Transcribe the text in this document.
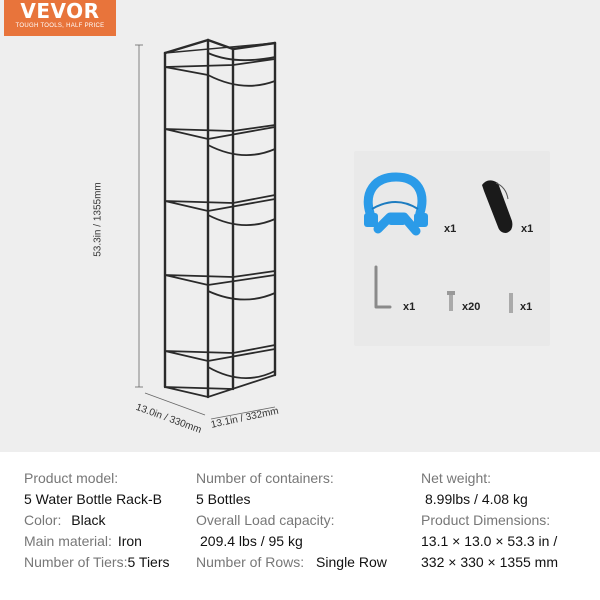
VEVOR
TOUGH TOOLS, HALF PRICE
53.3in / 1355mm
13.0in / 330mm 13.1in / 332mm
x1	x1
x1	x20	x1
Product model:
5 Water Bottle Rack-B
Color: Black
Main material: Iron
Number of Tiers:5 Tiers
Number of containers:
5 Bottles
Overall Load capacity:
209.4 lbs / 95 kg
Number of Rows: Single Row
Net weight:
8.99lbs / 4.08 kg
Product Dimensions:
13.1 × 13.0 × 53.3 in /
332 × 330 × 1355 mm
